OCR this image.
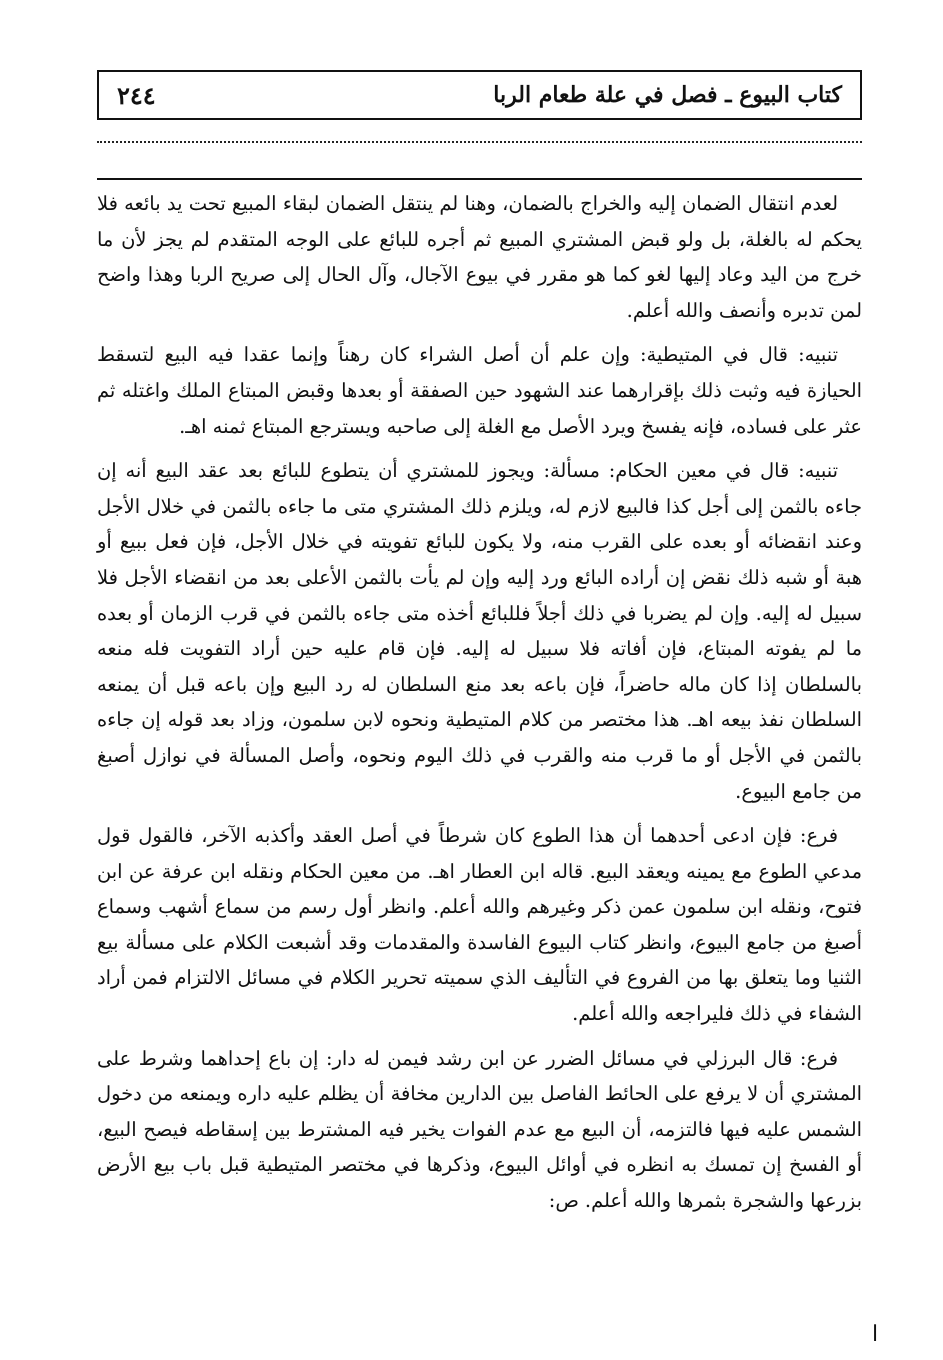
كتاب البيوع ـ فصل في علة طعام الربا
٢٤٤

لعدم انتقال الضمان إليه والخراج بالضمان، وهنا لم ينتقل الضمان لبقاء المبيع تحت يد بائعه فلا يحكم له بالغلة، بل ولو قبض المشتري المبيع ثم أجره للبائع على الوجه المتقدم لم يجز لأن ما خرج من اليد وعاد إليها لغو كما هو مقرر في بيوع الآجال، وآل الحال إلى صريح الربا وهذا واضح لمن تدبره وأنصف والله أعلم.

تنبيه: قال في المتيطية: وإن علم أن أصل الشراء كان رهناً وإنما عقدا فيه البيع لتسقط الحيازة فيه وثبت ذلك بإقرارهما عند الشهود حين الصفقة أو بعدها وقبض المبتاع الملك واغتله ثم عثر على فساده، فإنه يفسخ ويرد الأصل مع الغلة إلى صاحبه ويسترجع المبتاع ثمنه اهـ.

تنبيه: قال في معين الحكام: مسألة: ويجوز للمشتري أن يتطوع للبائع بعد عقد البيع أنه إن جاءه بالثمن إلى أجل كذا فالبيع لازم له، ويلزم ذلك المشتري متى ما جاءه بالثمن في خلال الأجل وعند انقضائه أو بعده على القرب منه، ولا يكون للبائع تفويته في خلال الأجل، فإن فعل ببيع أو هبة أو شبه ذلك نقض إن أراده البائع ورد إليه وإن لم يأت بالثمن الأعلى بعد من انقضاء الأجل فلا سبيل له إليه. وإن لم يضربا في ذلك أجلاً فللبائع أخذه متى جاءه بالثمن في قرب الزمان أو بعده ما لم يفوته المبتاع، فإن أفاته فلا سبيل له إليه. فإن قام عليه حين أراد التفويت فله منعه بالسلطان إذا كان ماله حاضراً، فإن باعه بعد منع السلطان له رد البيع وإن باعه قبل أن يمنعه السلطان نفذ بيعه اهـ. هذا مختصر من كلام المتيطية ونحوه لابن سلمون، وزاد بعد قوله إن جاءه بالثمن في الأجل أو ما قرب منه والقرب في ذلك اليوم ونحوه، وأصل المسألة في نوازل أصبغ من جامع البيوع.

فرع: فإن ادعى أحدهما أن هذا الطوع كان شرطاً في أصل العقد وأكذبه الآخر، فالقول قول مدعي الطوع مع يمينه ويعقد البيع. قاله ابن العطار اهـ. من معين الحكام ونقله ابن عرفة عن ابن فتوح، ونقله ابن سلمون عمن ذكر وغيرهم والله أعلم. وانظر أول رسم من سماع أشهب وسماع أصبغ من جامع البيوع، وانظر كتاب البيوع الفاسدة والمقدمات وقد أشبعت الكلام على مسألة بيع الثنيا وما يتعلق بها من الفروع في التأليف الذي سميته تحرير الكلام في مسائل الالتزام فمن أراد الشفاء في ذلك فليراجعه والله أعلم.

فرع: قال البرزلي في مسائل الضرر عن ابن رشد فيمن له دار: إن باع إحداهما وشرط على المشتري أن لا يرفع على الحائط الفاصل بين الدارين مخافة أن يظلم عليه داره ويمنعه من دخول الشمس عليه فيها فالتزمه، أن البيع مع عدم الفوات يخير فيه المشترط بين إسقاطه فيصح البيع، أو الفسخ إن تمسك به انظره في أوائل البيوع، وذكرها في مختصر المتيطية قبل باب بيع الأرض بزرعها والشجرة بثمرها والله أعلم. ص:

ا
